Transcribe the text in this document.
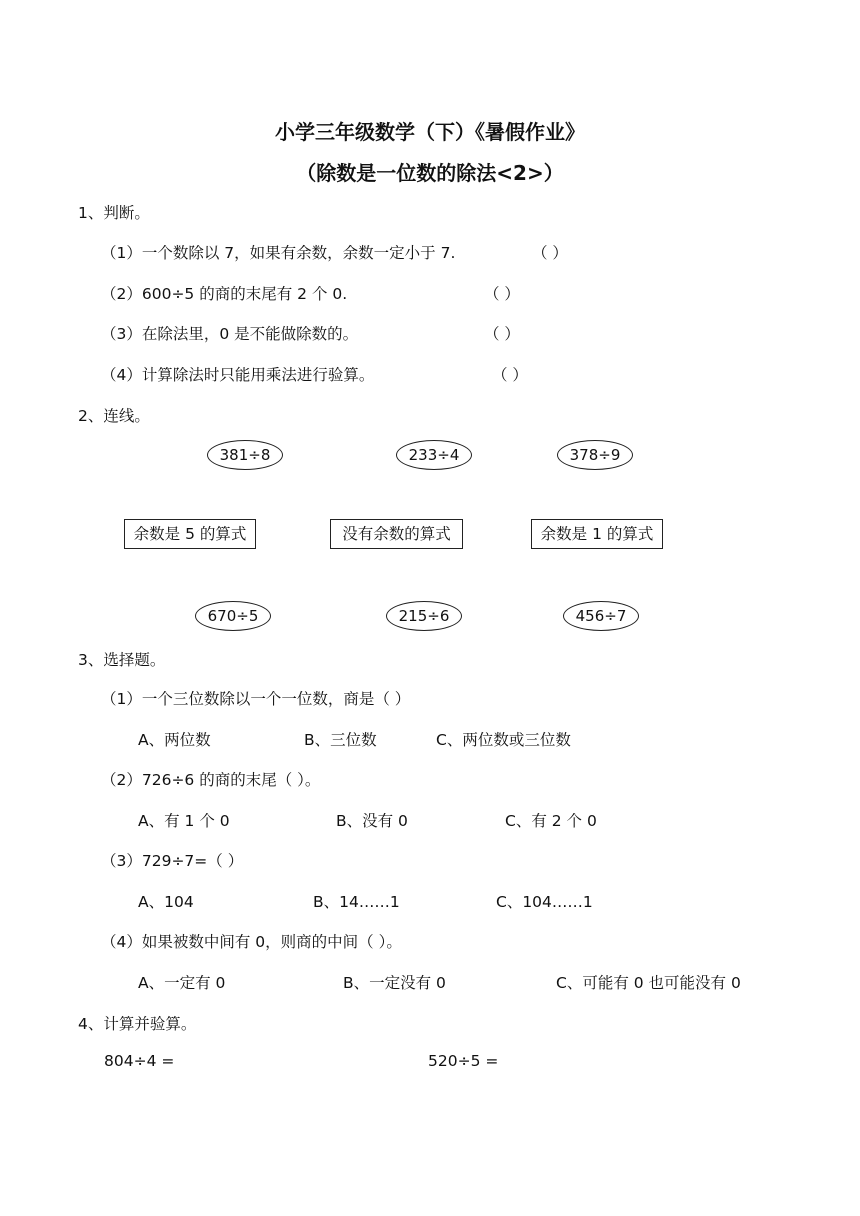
小学三年级数学（下）《暑假作业》
（除数是一位数的除法<2>）
1、判断。
（1）一个数除以 7，如果有余数，余数一定小于 7.	（ ）
（2）600÷5 的商的末尾有 2 个 0.	（ ）
（3）在除法里，0 是不能做除数的。	（ ）
（4）计算除法时只能用乘法进行验算。	（ ）
2、连线。
381÷8	233÷4	378÷9
余数是 5 的算式	没有余数的算式	余数是 1 的算式
670÷5	215÷6	456÷7
3、选择题。
（1）一个三位数除以一个一位数，商是（ ）
A、两位数	B、三位数	C、两位数或三位数
（2）726÷6 的商的末尾（ ）。
A、有 1 个 0	B、没有 0	C、有 2 个 0
（3）729÷7=（ ）
A、104	B、14……1	C、104……1
（4）如果被数中间有 0，则商的中间（ ）。
A、一定有 0	B、一定没有 0	C、可能有 0 也可能没有 0
4、计算并验算。
804÷4 =	520÷5 =
